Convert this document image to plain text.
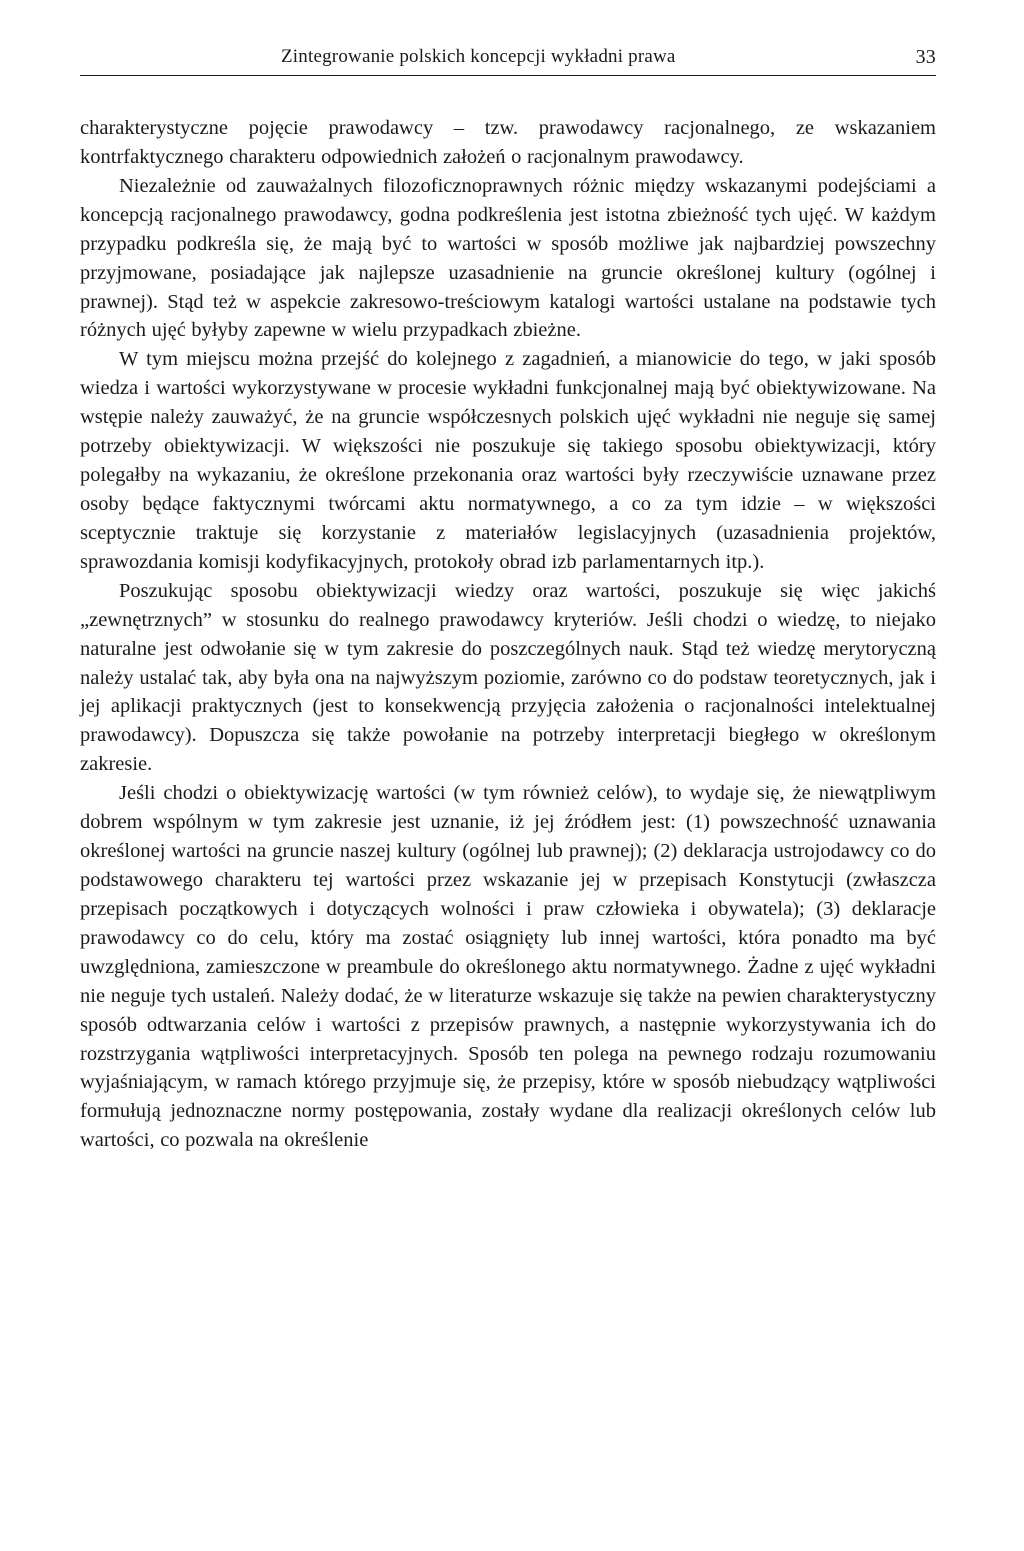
Zintegrowanie polskich koncepcji wykładni prawa	33

charakterystyczne pojęcie prawodawcy – tzw. prawodawcy racjonalnego, ze wskazaniem kontrfaktycznego charakteru odpowiednich założeń o racjonalnym prawodawcy.

Niezależnie od zauważalnych filozoficznoprawnych różnic między wskazanymi podejściami a koncepcją racjonalnego prawodawcy, godna podkreślenia jest istotna zbieżność tych ujęć. W każdym przypadku podkreśla się, że mają być to wartości w sposób możliwe jak najbardziej powszechny przyjmowane, posiadające jak najlepsze uzasadnienie na gruncie określonej kultury (ogólnej i prawnej). Stąd też w aspekcie zakresowo-treściowym katalogi wartości ustalane na podstawie tych różnych ujęć byłyby zapewne w wielu przypadkach zbieżne.

W tym miejscu można przejść do kolejnego z zagadnień, a mianowicie do tego, w jaki sposób wiedza i wartości wykorzystywane w procesie wykładni funkcjonalnej mają być obiektywizowane. Na wstępie należy zauważyć, że na gruncie współczesnych polskich ujęć wykładni nie neguje się samej potrzeby obiektywizacji. W większości nie poszukuje się takiego sposobu obiektywizacji, który polegałby na wykazaniu, że określone przekonania oraz wartości były rzeczywiście uznawane przez osoby będące faktycznymi twórcami aktu normatywnego, a co za tym idzie – w większości sceptycznie traktuje się korzystanie z materiałów legislacyjnych (uzasadnienia projektów, sprawozdania komisji kodyfikacyjnych, protokoły obrad izb parlamentarnych itp.).

Poszukując sposobu obiektywizacji wiedzy oraz wartości, poszukuje się więc jakichś „zewnętrznych” w stosunku do realnego prawodawcy kryteriów. Jeśli chodzi o wiedzę, to niejako naturalne jest odwołanie się w tym zakresie do poszczególnych nauk. Stąd też wiedzę merytoryczną należy ustalać tak, aby była ona na najwyższym poziomie, zarówno co do podstaw teoretycznych, jak i jej aplikacji praktycznych (jest to konsekwencją przyjęcia założenia o racjonalności intelektualnej prawodawcy). Dopuszcza się także powołanie na potrzeby interpretacji biegłego w określonym zakresie.

Jeśli chodzi o obiektywizację wartości (w tym również celów), to wydaje się, że niewątpliwym dobrem wspólnym w tym zakresie jest uznanie, iż jej źródłem jest: (1) powszechność uznawania określonej wartości na gruncie naszej kultury (ogólnej lub prawnej); (2) deklaracja ustrojodawcy co do podstawowego charakteru tej wartości przez wskazanie jej w przepisach Konstytucji (zwłaszcza przepisach początkowych i dotyczących wolności i praw człowieka i obywatela); (3) deklaracje prawodawcy co do celu, który ma zostać osiągnięty lub innej wartości, która ponadto ma być uwzględniona, zamieszczone w preambule do określonego aktu normatywnego. Żadne z ujęć wykładni nie neguje tych ustaleń. Należy dodać, że w literaturze wskazuje się także na pewien charakterystyczny sposób odtwarzania celów i wartości z przepisów prawnych, a następnie wykorzystywania ich do rozstrzygania wątpliwości interpretacyjnych. Sposób ten polega na pewnego rodzaju rozumowaniu wyjaśniającym, w ramach którego przyjmuje się, że przepisy, które w sposób niebudzący wątpliwości formułują jednoznaczne normy postępowania, zostały wydane dla realizacji określonych celów lub wartości, co pozwala na określenie
